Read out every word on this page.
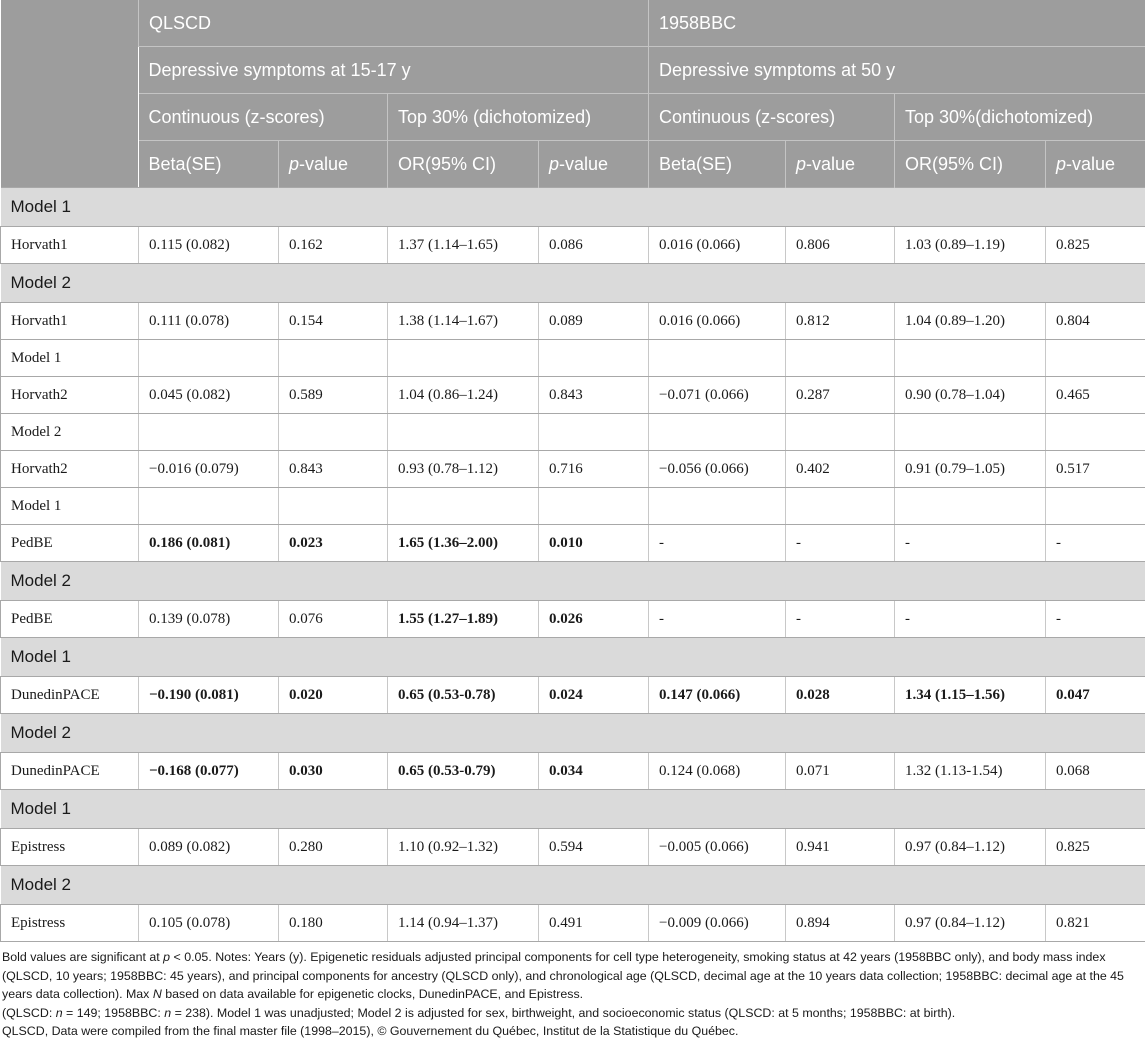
	QLSCD				1958BBC			
	Depressive symptoms at 15-17 y				Depressive symptoms at 50 y			
	Continuous (z-scores)		Top 30% (dichotomized)		Continuous (z-scores)		Top 30%(dichotomized)	
	Beta(SE)	p-value	OR(95% CI)	p-value	Beta(SE)	p-value	OR(95% CI)	p-value
Model 1								
Horvath1	0.115 (0.082)	0.162	1.37 (1.14–1.65)	0.086	0.016 (0.066)	0.806	1.03 (0.89–1.19)	0.825
Model 2								
Horvath1	0.111 (0.078)	0.154	1.38 (1.14–1.67)	0.089	0.016 (0.066)	0.812	1.04 (0.89–1.20)	0.804
Model 1								
Horvath2	0.045 (0.082)	0.589	1.04 (0.86–1.24)	0.843	−0.071 (0.066)	0.287	0.90 (0.78–1.04)	0.465
Model 2								
Horvath2	−0.016 (0.079)	0.843	0.93 (0.78–1.12)	0.716	−0.056 (0.066)	0.402	0.91 (0.79–1.05)	0.517
Model 1								
PedBE	0.186 (0.081)	0.023	1.65 (1.36–2.00)	0.010	-	-	-	-
Model 2								
PedBE	0.139 (0.078)	0.076	1.55 (1.27–1.89)	0.026	-	-	-	-
Model 1								
DunedinPACE	−0.190 (0.081)	0.020	0.65 (0.53-0.78)	0.024	0.147 (0.066)	0.028	1.34 (1.15–1.56)	0.047
Model 2								
DunedinPACE	−0.168 (0.077)	0.030	0.65 (0.53-0.79)	0.034	0.124 (0.068)	0.071	1.32 (1.13-1.54)	0.068
Model 1								
Epistress	0.089 (0.082)	0.280	1.10 (0.92–1.32)	0.594	−0.005 (0.066)	0.941	0.97 (0.84–1.12)	0.825
Model 2								
Epistress	0.105 (0.078)	0.180	1.14 (0.94–1.37)	0.491	−0.009 (0.066)	0.894	0.97 (0.84–1.12)	0.821

Bold values are significant at p < 0.05. Notes: Years (y). Epigenetic residuals adjusted principal components for cell type heterogeneity, smoking status at 42 years (1958BBC only), and body mass index (QLSCD, 10 years; 1958BBC: 45 years), and principal components for ancestry (QLSCD only), and chronological age (QLSCD, decimal age at the 10 years data collection; 1958BBC: decimal age at the 45 years data collection). Max N based on data available for epigenetic clocks, DunedinPACE, and Epistress.

(QLSCD: n = 149; 1958BBC: n = 238). Model 1 was unadjusted; Model 2 is adjusted for sex, birthweight, and socioeconomic status (QLSCD: at 5 months; 1958BBC: at birth).

QLSCD, Data were compiled from the final master file (1998–2015), © Gouvernement du Québec, Institut de la Statistique du Québec.
